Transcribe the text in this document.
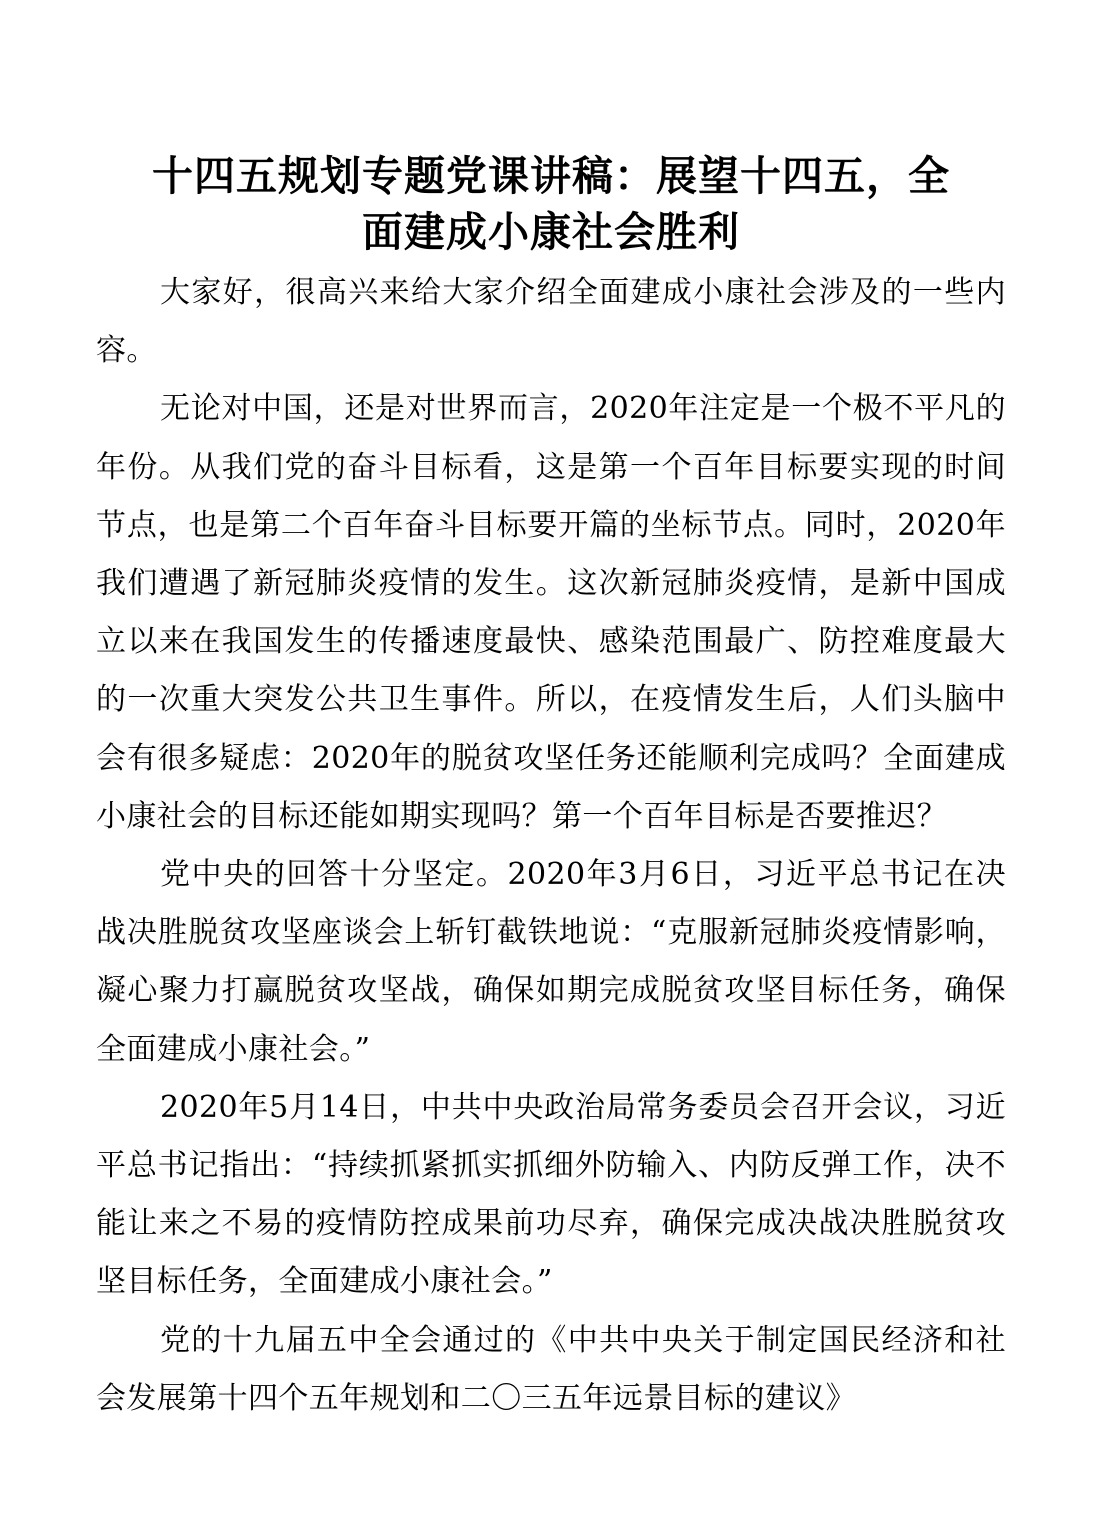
十四五规划专题党课讲稿：展望十四五，全
面建成小康社会胜利

大家好，很高兴来给大家介绍全面建成小康社会涉及的一些内容。

无论对中国，还是对世界而言，2020年注定是一个极不平凡的年份。从我们党的奋斗目标看，这是第一个百年目标要实现的时间节点，也是第二个百年奋斗目标要开篇的坐标节点。同时，2020年我们遭遇了新冠肺炎疫情的发生。这次新冠肺炎疫情，是新中国成立以来在我国发生的传播速度最快、感染范围最广、防控难度最大的一次重大突发公共卫生事件。所以，在疫情发生后，人们头脑中会有很多疑虑：2020年的脱贫攻坚任务还能顺利完成吗？全面建成小康社会的目标还能如期实现吗？第一个百年目标是否要推迟？

党中央的回答十分坚定。2020年3月6日，习近平总书记在决战决胜脱贫攻坚座谈会上斩钉截铁地说：“克服新冠肺炎疫情影响，凝心聚力打赢脱贫攻坚战，确保如期完成脱贫攻坚目标任务，确保全面建成小康社会。”

2020年5月14日，中共中央政治局常务委员会召开会议，习近平总书记指出：“持续抓紧抓实抓细外防输入、内防反弹工作，决不能让来之不易的疫情防控成果前功尽弃，确保完成决战决胜脱贫攻坚目标任务，全面建成小康社会。”

党的十九届五中全会通过的《中共中央关于制定国民经济和社会发展第十四个五年规划和二〇三五年远景目标的建议》
